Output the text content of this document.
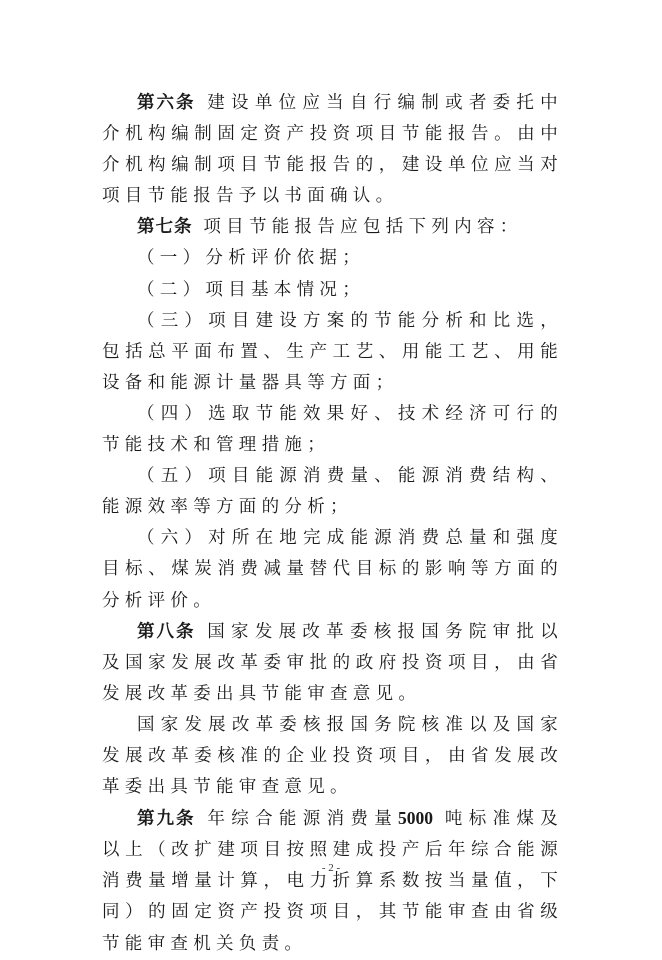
第六条 建设单位应当自行编制或者委托中介机构编制固定资产投资项目节能报告。由中介机构编制项目节能报告的，建设单位应当对项目节能报告予以书面确认。

第七条 项目节能报告应包括下列内容：

（一）分析评价依据；

（二）项目基本情况；

（三）项目建设方案的节能分析和比选，包括总平面布置、生产工艺、用能工艺、用能设备和能源计量器具等方面；

（四）选取节能效果好、技术经济可行的节能技术和管理措施；

（五）项目能源消费量、能源消费结构、能源效率等方面的分析；

（六）对所在地完成能源消费总量和强度目标、煤炭消费减量替代目标的影响等方面的分析评价。

第八条 国家发展改革委核报国务院审批以及国家发展改革委审批的政府投资项目，由省发展改革委出具节能审查意见。

国家发展改革委核报国务院核准以及国家发展改革委核准的企业投资项目，由省发展改革委出具节能审查意见。

第九条 年综合能源消费量5000 吨标准煤及以上（改扩建项目按照建成投产后年综合能源消费量增量计算，电力折算系数按当量值，下同）的固定资产投资项目，其节能审查由省级节能审查机关负责。

- 2 -
